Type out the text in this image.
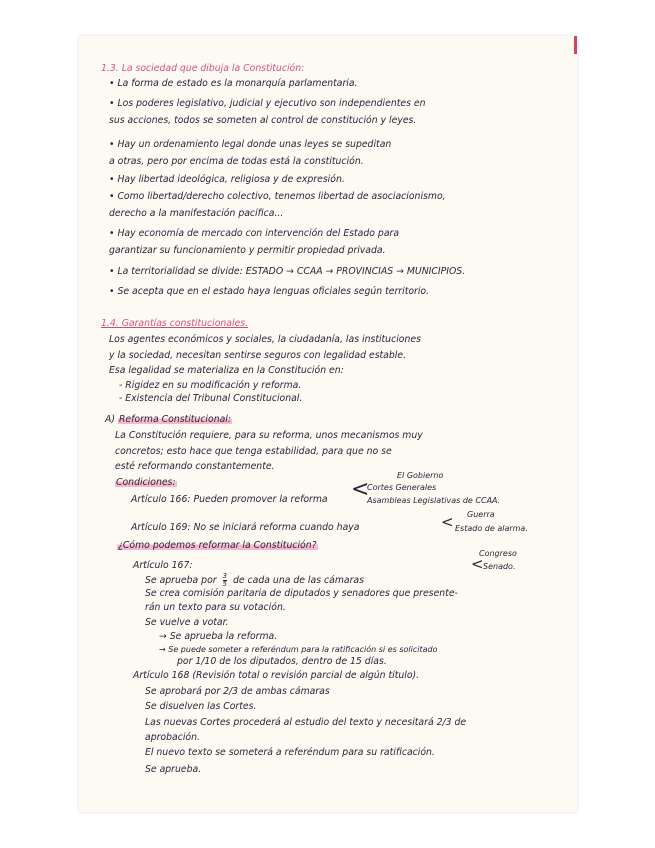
1.3. La sociedad que dibuja la Constitución:
• La forma de estado es la monarquía parlamentaria.
• Los poderes legislativo, judicial y ejecutivo son independientes en
sus acciones, todos se someten al control de constitución y leyes.
• Hay un ordenamiento legal donde unas leyes se supeditan
a otras, pero por encima de todas está la constitución.
• Hay libertad ideológica, religiosa y de expresión.
• Como libertad/derecho colectivo, tenemos libertad de asociacionismo,
derecho a la manifestación pacífica...
• Hay economía de mercado con intervención del Estado para
garantizar su funcionamiento y permitir propiedad privada.
• La territorialidad se divide: ESTADO → CCAA → PROVINCIAS → MUNICIPIOS.
• Se acepta que en el estado haya lenguas oficiales según territorio.
1.4. Garantías constitucionales.
Los agentes económicos y sociales, la ciudadanía, las instituciones
y la sociedad, necesitan sentirse seguros con legalidad estable.
Esa legalidad se materializa en la Constitución en:
- Rigidez en su modificación y reforma.
- Existencia del Tribunal Constitucional.
A) Reforma Constitucional:
La Constitución requiere, para su reforma, unos mecanismos muy
concretos; esto hace que tenga estabilidad, para que no se
esté reformando constantemente.
Condiciones:
Artículo 166: Pueden promover la reforma <
El Gobierno
Cortes Generales
Asambleas Legislativas de CCAA.
Artículo 169: No se iniciará reforma cuando haya	< Guerra
Estado de alarma.
¿Cómo podemos reformar la Constitución?
Congreso
< Senado.
Artículo 167:
Se aprueba por $\frac{3}{5}$ de cada una de las cámaras
Se crea comisión paritaria de diputados y senadores que presente-
rán un texto para su votación.
Se vuelve a votar.
→ Se aprueba la reforma.
→ Se puede someter a referéndum para la ratificación si es solicitado
por 1/10 de los diputados, dentro de 15 días.
Artículo 168 (Revisión total o revisión parcial de algún título).
Se aprobará por 2/3 de ambas cámaras
Se disuelven las Cortes.
Las nuevas Cortes procederá al estudio del texto y necesitará 2/3 de
aprobación.
El nuevo texto se someterá a referéndum para su ratificación.
Se aprueba.
